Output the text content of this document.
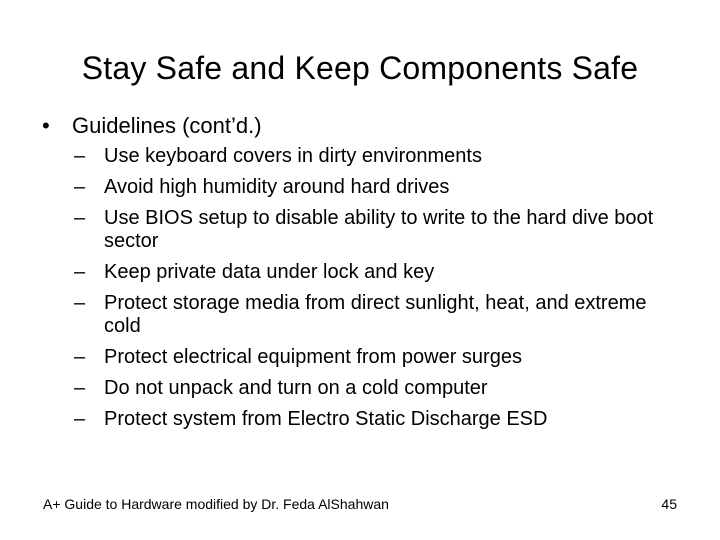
Stay Safe and Keep Components Safe
• Guidelines (cont’d.)
– Use keyboard covers in dirty environments
– Avoid high humidity around hard drives
– Use BIOS setup to disable ability to write to the hard dive boot sector
– Keep private data under lock and key
– Protect storage media from direct sunlight, heat, and extreme cold
– Protect electrical equipment from power surges
– Do not unpack and turn on a cold computer
– Protect system from Electro Static Discharge ESD
A+ Guide to Hardware modified by Dr. Feda AlShahwan	45
